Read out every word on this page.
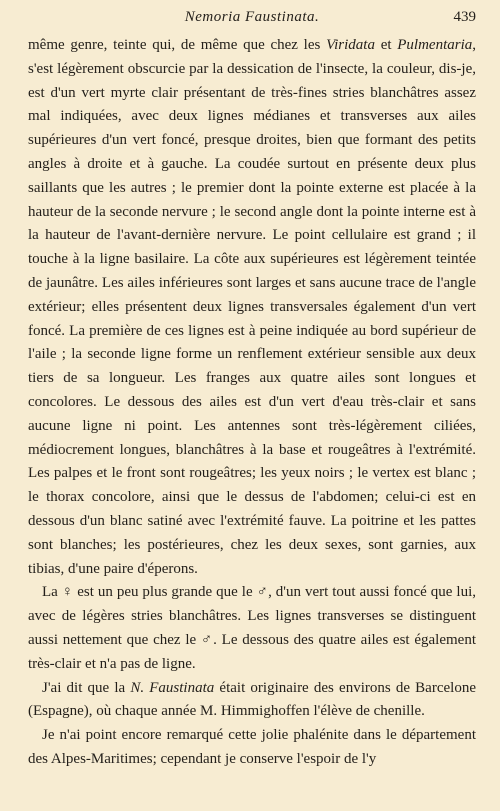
Nemoria Faustinata.	439

même genre, teinte qui, de même que chez les Viridata et Pulmentaria, s'est légèrement obscurcie par la dessication de l'insecte, la couleur, dis-je, est d'un vert myrte clair présentant de très-fines stries blanchâtres assez mal indiquées, avec deux lignes médianes et transverses aux ailes supérieures d'un vert foncé, presque droites, bien que formant des petits angles à droite et à gauche. La coudée surtout en présente deux plus saillants que les autres ; le premier dont la pointe externe est placée à la hauteur de la seconde nervure ; le second angle dont la pointe interne est à la hauteur de l'avant-dernière nervure. Le point cellulaire est grand ; il touche à la ligne basilaire. La côte aux supérieures est légèrement teintée de jaunâtre. Les ailes inférieures sont larges et sans aucune trace de l'angle extérieur; elles présentent deux lignes transversales également d'un vert foncé. La première de ces lignes est à peine indiquée au bord supérieur de l'aile ; la seconde ligne forme un renflement extérieur sensible aux deux tiers de sa longueur. Les franges aux quatre ailes sont longues et concolores. Le dessous des ailes est d'un vert d'eau très-clair et sans aucune ligne ni point. Les antennes sont très-légèrement ciliées, médiocrement longues, blanchâtres à la base et rougeâtres à l'extrémité. Les palpes et le front sont rougeâtres; les yeux noirs ; le vertex est blanc ; le thorax concolore, ainsi que le dessus de l'abdomen; celui-ci est en dessous d'un blanc satiné avec l'extrémité fauve. La poitrine et les pattes sont blanches; les postérieures, chez les deux sexes, sont garnies, aux tibias, d'une paire d'éperons.

La ♀ est un peu plus grande que le ♂, d'un vert tout aussi foncé que lui, avec de légères stries blanchâtres. Les lignes transverses se distinguent aussi nettement que chez le ♂. Le dessous des quatre ailes est également très-clair et n'a pas de ligne.

J'ai dit que la N. Faustinata était originaire des environs de Barcelone (Espagne), où chaque année M. Himmighoffen l'élève de chenille.

Je n'ai point encore remarqué cette jolie phalénite dans le département des Alpes-Maritimes; cependant je conserve l'espoir de l'y
